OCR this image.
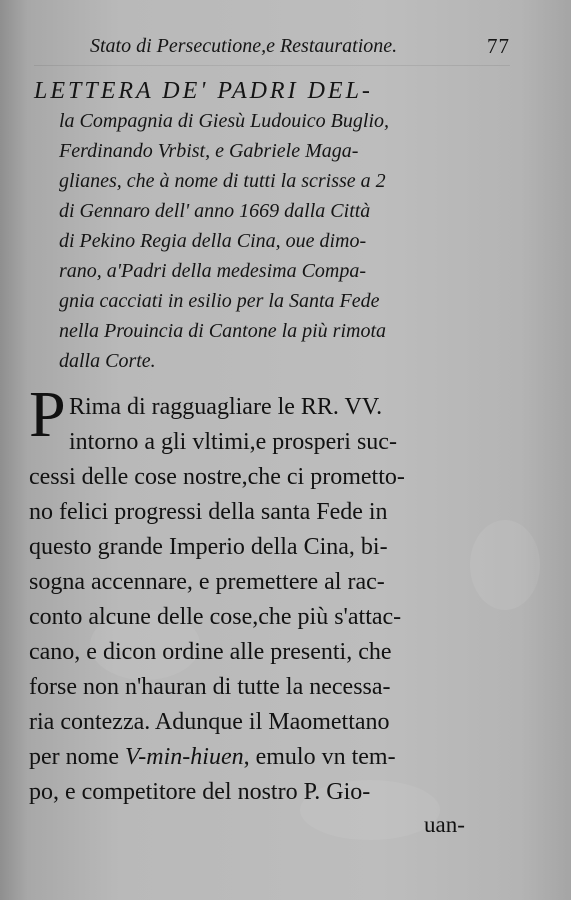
Stato di Persecutione,e Restauratione.	77
LETTERA DE' PADRI DEL-
la Compagnia di Giesù Ludouico Buglio,
Ferdinando Vrbist, e Gabriele Maga-
glianes, che à nome di tutti la scrisse a 2
di Gennaro dell' anno 1669 dalla Città
di Pekino Regia della Cina, oue dimo-
rano, a'Padri della medesima Compa-
gnia cacciati in esilio per la Santa Fede
nella Prouincia di Cantone la più rimota
dalla Corte.
P Rima di ragguagliare le RR. VV.
intorno a gli vltimi,e prosperi suc-
cessi delle cose nostre,che ci prometto-
no felici progressi della santa Fede in
questo grande Imperio della Cina, bi-
sogna accennare, e premettere al rac-
conto alcune delle cose,che più s'attac-
cano, e dicon ordine alle presenti, che
forse non n'hauran di tutte la necessa-
ria contezza. Adunque il Maomettano
per nome V-min-hiuen, emulo vn tem-
po, e competitore del nostro P. Gio-
uan-
